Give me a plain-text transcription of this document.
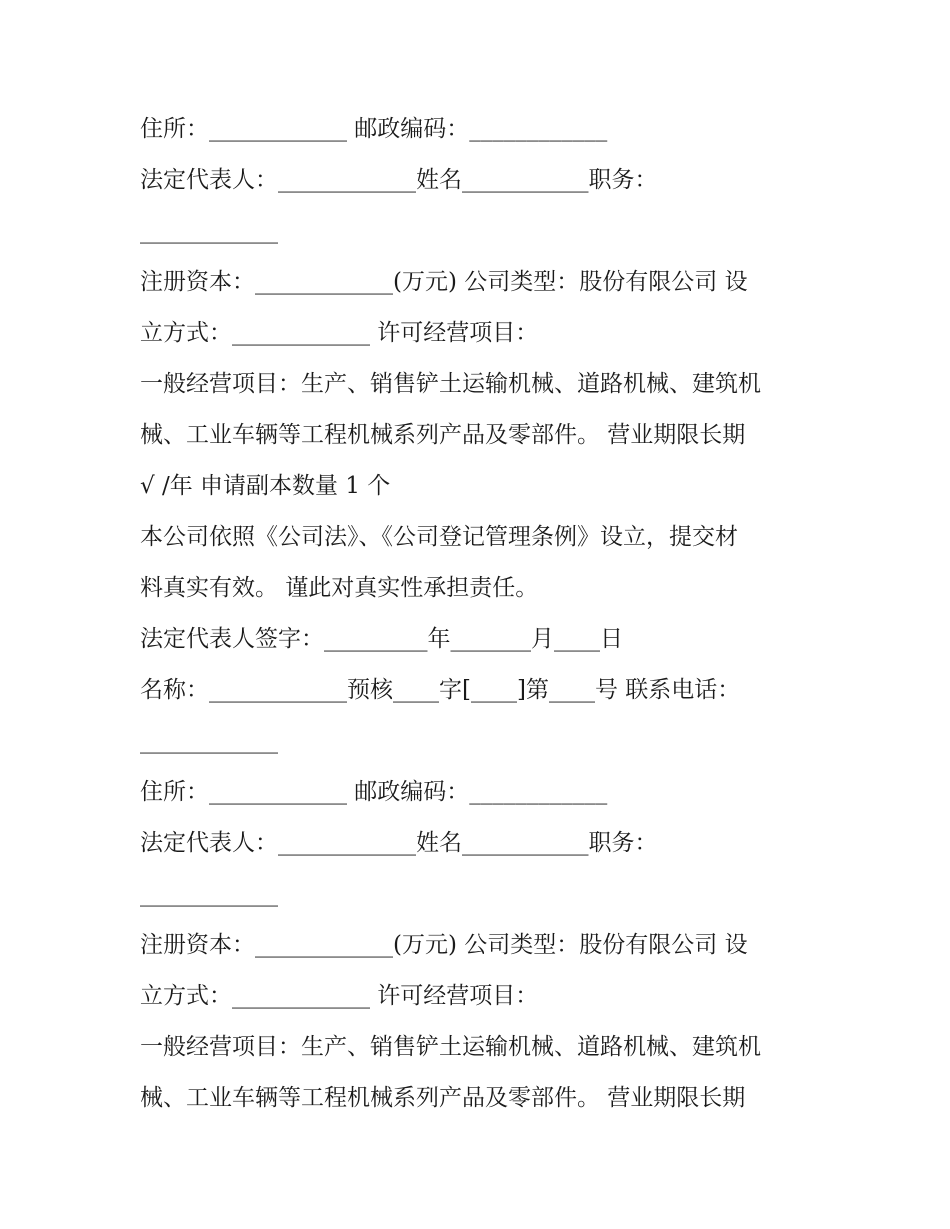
住所：____________ 邮政编码：____________
法定代表人：____________姓名___________职务：
____________
注册资本：____________(万元) 公司类型：股份有限公司 设
立方式：____________ 许可经营项目：
一般经营项目：生产、销售铲土运输机械、道路机械、建筑机
械、工业车辆等工程机械系列产品及零部件。 营业期限长期
√ /年 申请副本数量 1 个
本公司依照《公司法》、《公司登记管理条例》设立，提交材
料真实有效。 谨此对真实性承担责任。
法定代表人签字：_________年_______月____日
名称：____________预核____字[____]第____号 联系电话：
____________
住所：____________ 邮政编码：____________
法定代表人：____________姓名___________职务：
____________
注册资本：____________(万元) 公司类型：股份有限公司 设
立方式：____________ 许可经营项目：
一般经营项目：生产、销售铲土运输机械、道路机械、建筑机
械、工业车辆等工程机械系列产品及零部件。 营业期限长期
